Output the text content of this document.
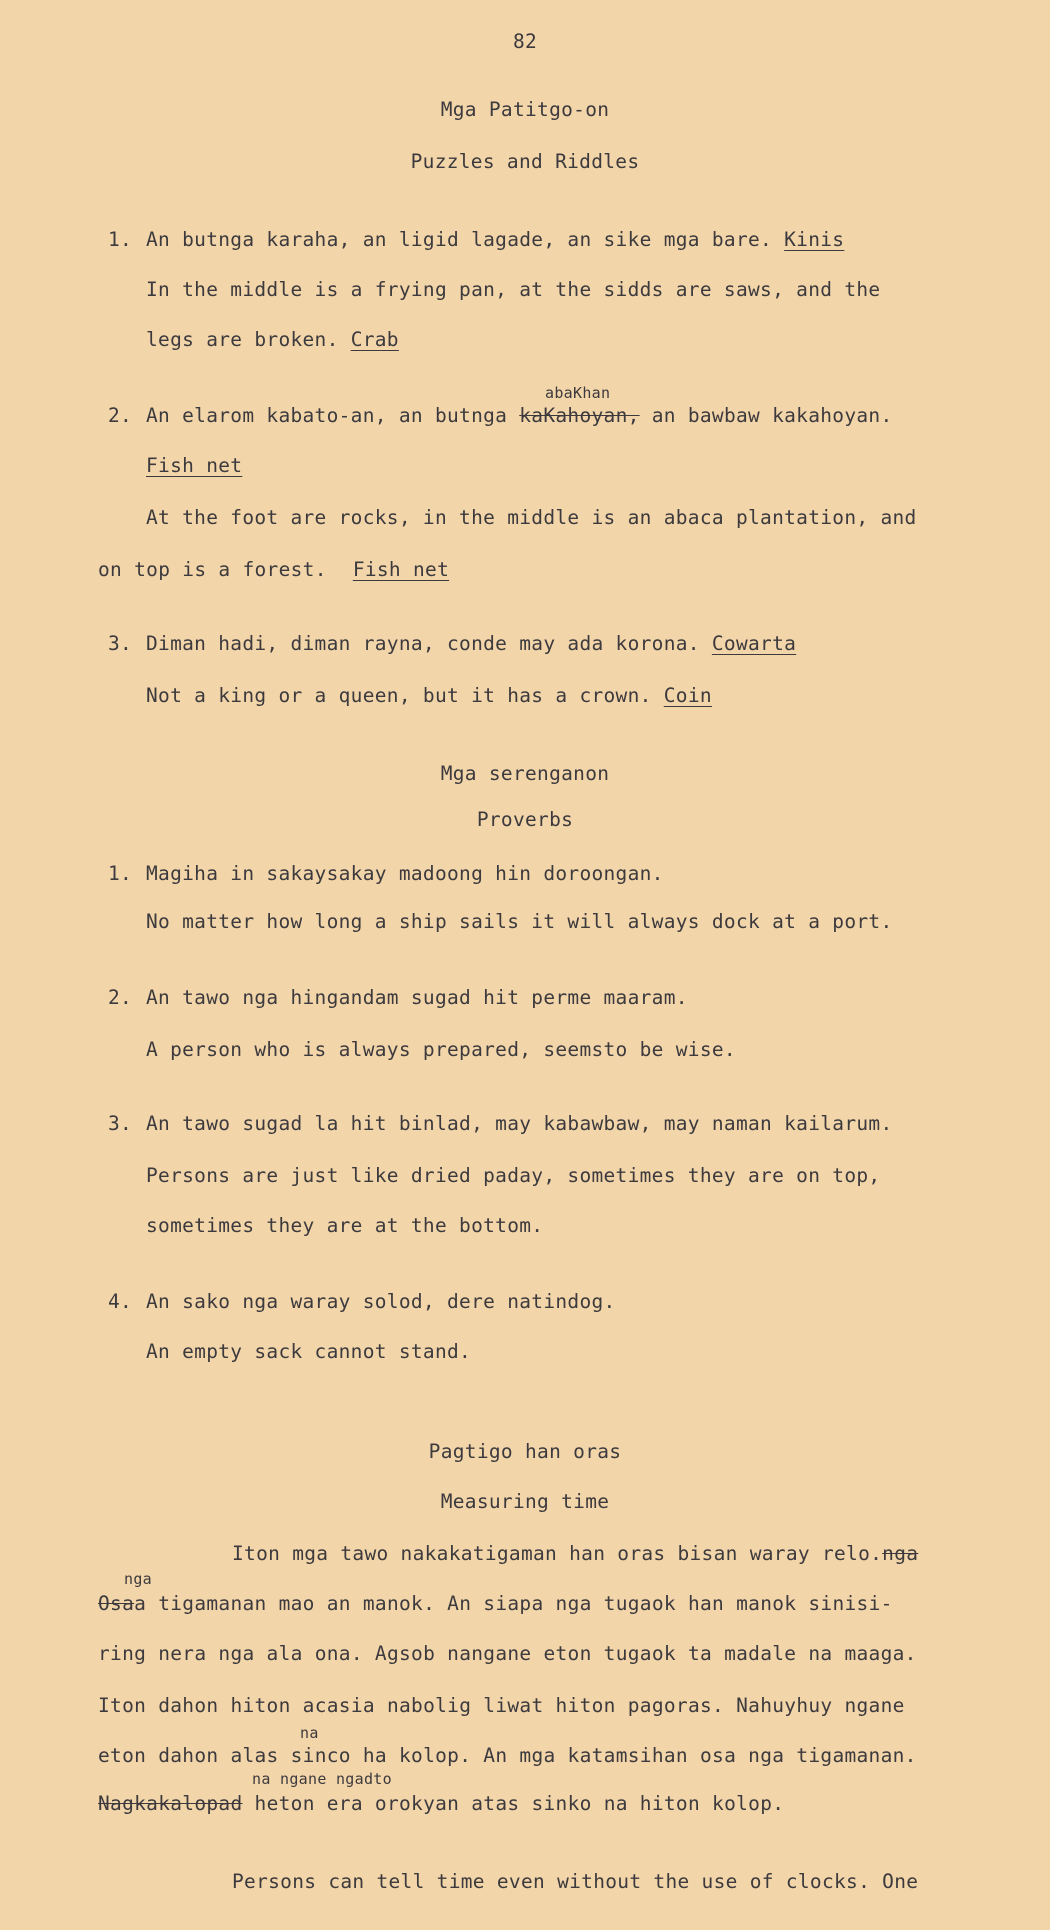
82
Mga Patitgo-on
Puzzles and Riddles
1. An butnga karaha, an ligid lagade, an sike mga bare. Kinis
In the middle is a frying pan, at the sidds are saws, and the
legs are broken. Crab
abaKhan
2. An elarom kabato-an, an butnga kaKahoyan, an bawbaw kakahoyan.
Fish net
At the foot are rocks, in the middle is an abaca plantation, and
on top is a forest. Fish net
3. Diman hadi, diman rayna, conde may ada korona. Cowarta
Not a king or a queen, but it has a crown. Coin
Mga serenganon
Proverbs
1. Magiha in sakaysakay madoong hin doroongan.
No matter how long a ship sails it will always dock at a port.
2. An tawo nga hingandam sugad hit perme maaram.
A person who is always prepared, seemsto be wise.
3. An tawo sugad la hit binlad, may kabawbaw, may naman kailarum.
Persons are just like dried paday, sometimes they are on top,
sometimes they are at the bottom.
4. An sako nga waray solod, dere natindog.
An empty sack cannot stand.
Pagtigo han oras
Measuring time
Iton mga tawo nakakatigaman han oras bisan waray relo.nga
nga
Osaa tigamanan mao an manok. An siapa nga tugaok han manok sinisi-
ring nera nga ala ona. Agsob nangane eton tugaok ta madale na maaga.
Iton dahon hiton acasia nabolig liwat hiton pagoras. Nahuyhuy ngane
na
eton dahon alas sinco ha kolop. An mga katamsihan osa nga tigamanan.
na ngane ngadto
Nagkakalopad heton era orokyan atas sinko na hiton kolop.
Persons can tell time even without the use of clocks. One
